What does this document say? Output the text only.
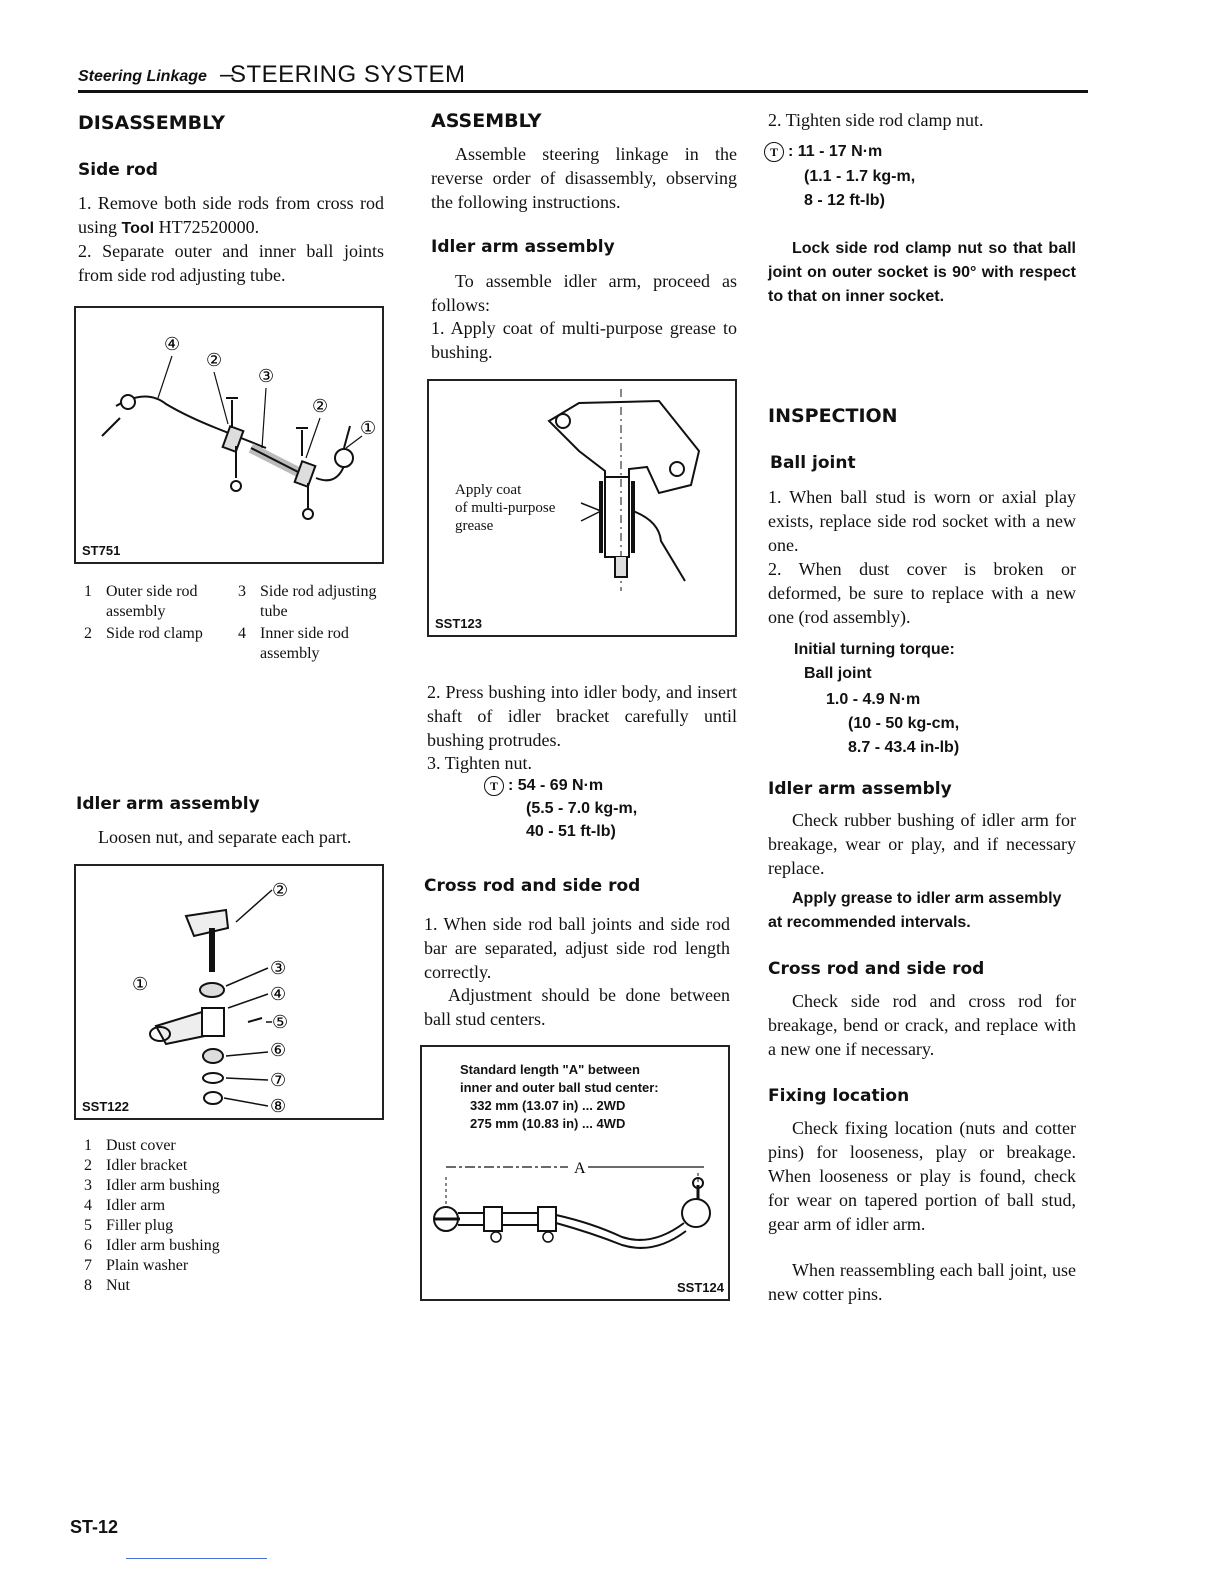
Steering Linkage –
STEERING SYSTEM
DISASSEMBLY
Side rod
1. Remove both side rods from cross rod using Tool HT72520000.
2. Separate outer and inner ball joints from side rod adjusting tube.
④
②
③
②
①
ST751
1 Outer side rod assembly
2 Side rod clamp
3 Side rod adjusting tube
4 Inner side rod assembly
Idler arm assembly
Loosen nut, and separate each part.
②
①
③
④
⑤
⑥
⑦
⑧
SST122
1 Dust cover
2 Idler bracket
3 Idler arm bushing
4 Idler arm
5 Filler plug
6 Idler arm bushing
7 Plain washer
8 Nut
ASSEMBLY
Assemble steering linkage in the reverse order of disassembly, observing the following instructions.
Idler arm assembly
To assemble idler arm, proceed as follows:
1. Apply coat of multi-purpose grease to bushing.
Apply coat
of multi-purpose
grease
SST123
2. Press bushing into idler body, and insert shaft of idler bracket carefully until bushing protrudes.
3. Tighten nut.
T : 54 - 69 N·m
(5.5 - 7.0 kg-m,
40 - 51 ft-lb)
Cross rod and side rod
1. When side rod ball joints and side rod bar are separated, adjust side rod length correctly.
Adjustment should be done between ball stud centers.
Standard length "A" between
inner and outer ball stud center:
332 mm (13.07 in) ... 2WD
275 mm (10.83 in) ... 4WD
A
SST124
2. Tighten side rod clamp nut.
T : 11 - 17 N·m
(1.1 - 1.7 kg-m,
8 - 12 ft-lb)
Lock side rod clamp nut so that ball joint on outer socket is 90° with respect to that on inner socket.
INSPECTION
Ball joint
1. When ball stud is worn or axial play exists, replace side rod socket with a new one.
2. When dust cover is broken or deformed, be sure to replace with a new one (rod assembly).
Initial turning torque:
Ball joint
1.0 - 4.9 N·m
(10 - 50 kg-cm,
8.7 - 43.4 in-lb)
Idler arm assembly
Check rubber bushing of idler arm for breakage, wear or play, and if necessary replace.
Apply grease to idler arm assembly at recommended intervals.
Cross rod and side rod
Check side rod and cross rod for breakage, bend or crack, and replace with a new one if necessary.
Fixing location
Check fixing location (nuts and cotter pins) for looseness, play or breakage. When looseness or play is found, check for wear on tapered portion of ball stud, gear arm of idler arm.
When reassembling each ball joint, use new cotter pins.
ST-12
